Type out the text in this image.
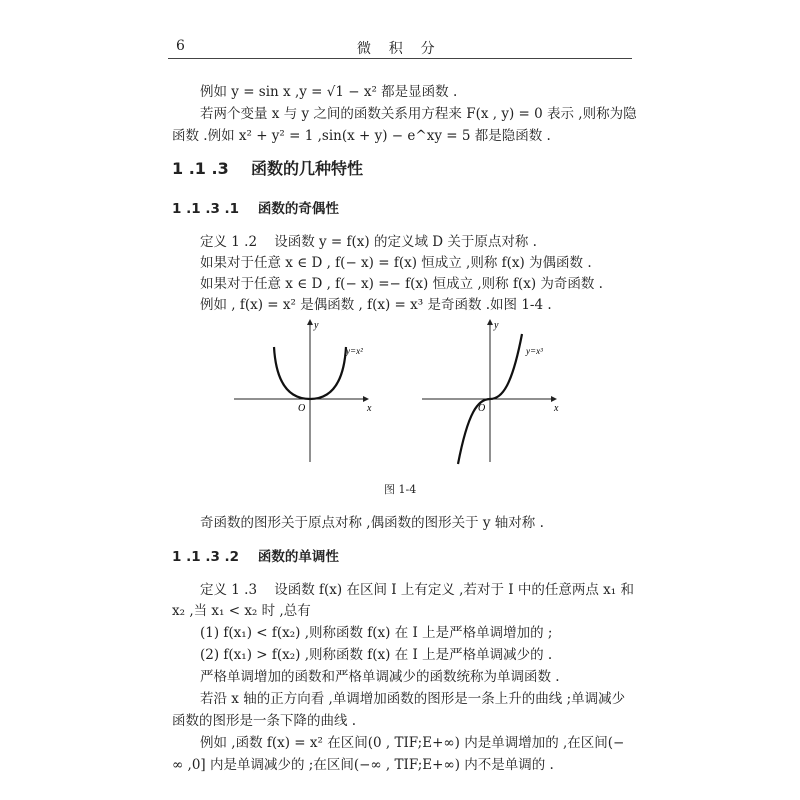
6	微    积    分
例如 y = sin x ,y = √1 − x² 都是显函数 .
若两个变量 x 与 y 之间的函数关系用方程来 F(x , y) = 0 表示 ,则称为隐
函数 .例如 x² + y² = 1 ,sin(x + y) − e^xy = 5 都是隐函数 .
1 .1 .3    函数的几种特性
1 .1 .3 .1    函数的奇偶性
定义 1 .2    设函数 y = f(x) 的定义域 D 关于原点对称 .
如果对于任意 x ∈ D , f(− x) = f(x) 恒成立 ,则称 f(x) 为偶函数 .
如果对于任意 x ∈ D , f(− x) =− f(x) 恒成立 ,则称 f(x) 为奇函数 .
例如 , f(x) = x² 是偶函数 , f(x) = x³ 是奇函数 .如图 1-4 .
y
x
O
y=x²
y
x
O
y=x³
图 1-4
奇函数的图形关于原点对称 ,偶函数的图形关于 y 轴对称 .
1 .1 .3 .2    函数的单调性
定义 1 .3    设函数 f(x) 在区间 I 上有定义 ,若对于 I 中的任意两点 x₁ 和
x₂ ,当 x₁ < x₂ 时 ,总有
(1) f(x₁) < f(x₂) ,则称函数 f(x) 在 I 上是严格单调增加的 ;
(2) f(x₁) > f(x₂) ,则称函数 f(x) 在 I 上是严格单调减少的 .
严格单调增加的函数和严格单调减少的函数统称为单调函数 .
若沿 x 轴的正方向看 ,单调增加函数的图形是一条上升的曲线 ;单调减少
函数的图形是一条下降的曲线 .
例如 ,函数 f(x) = x² 在区间(0 , TIF;E+∞) 内是单调增加的 ,在区间(−
∞ ,0] 内是单调减少的 ;在区间(−∞ , TIF;E+∞) 内不是单调的 .
